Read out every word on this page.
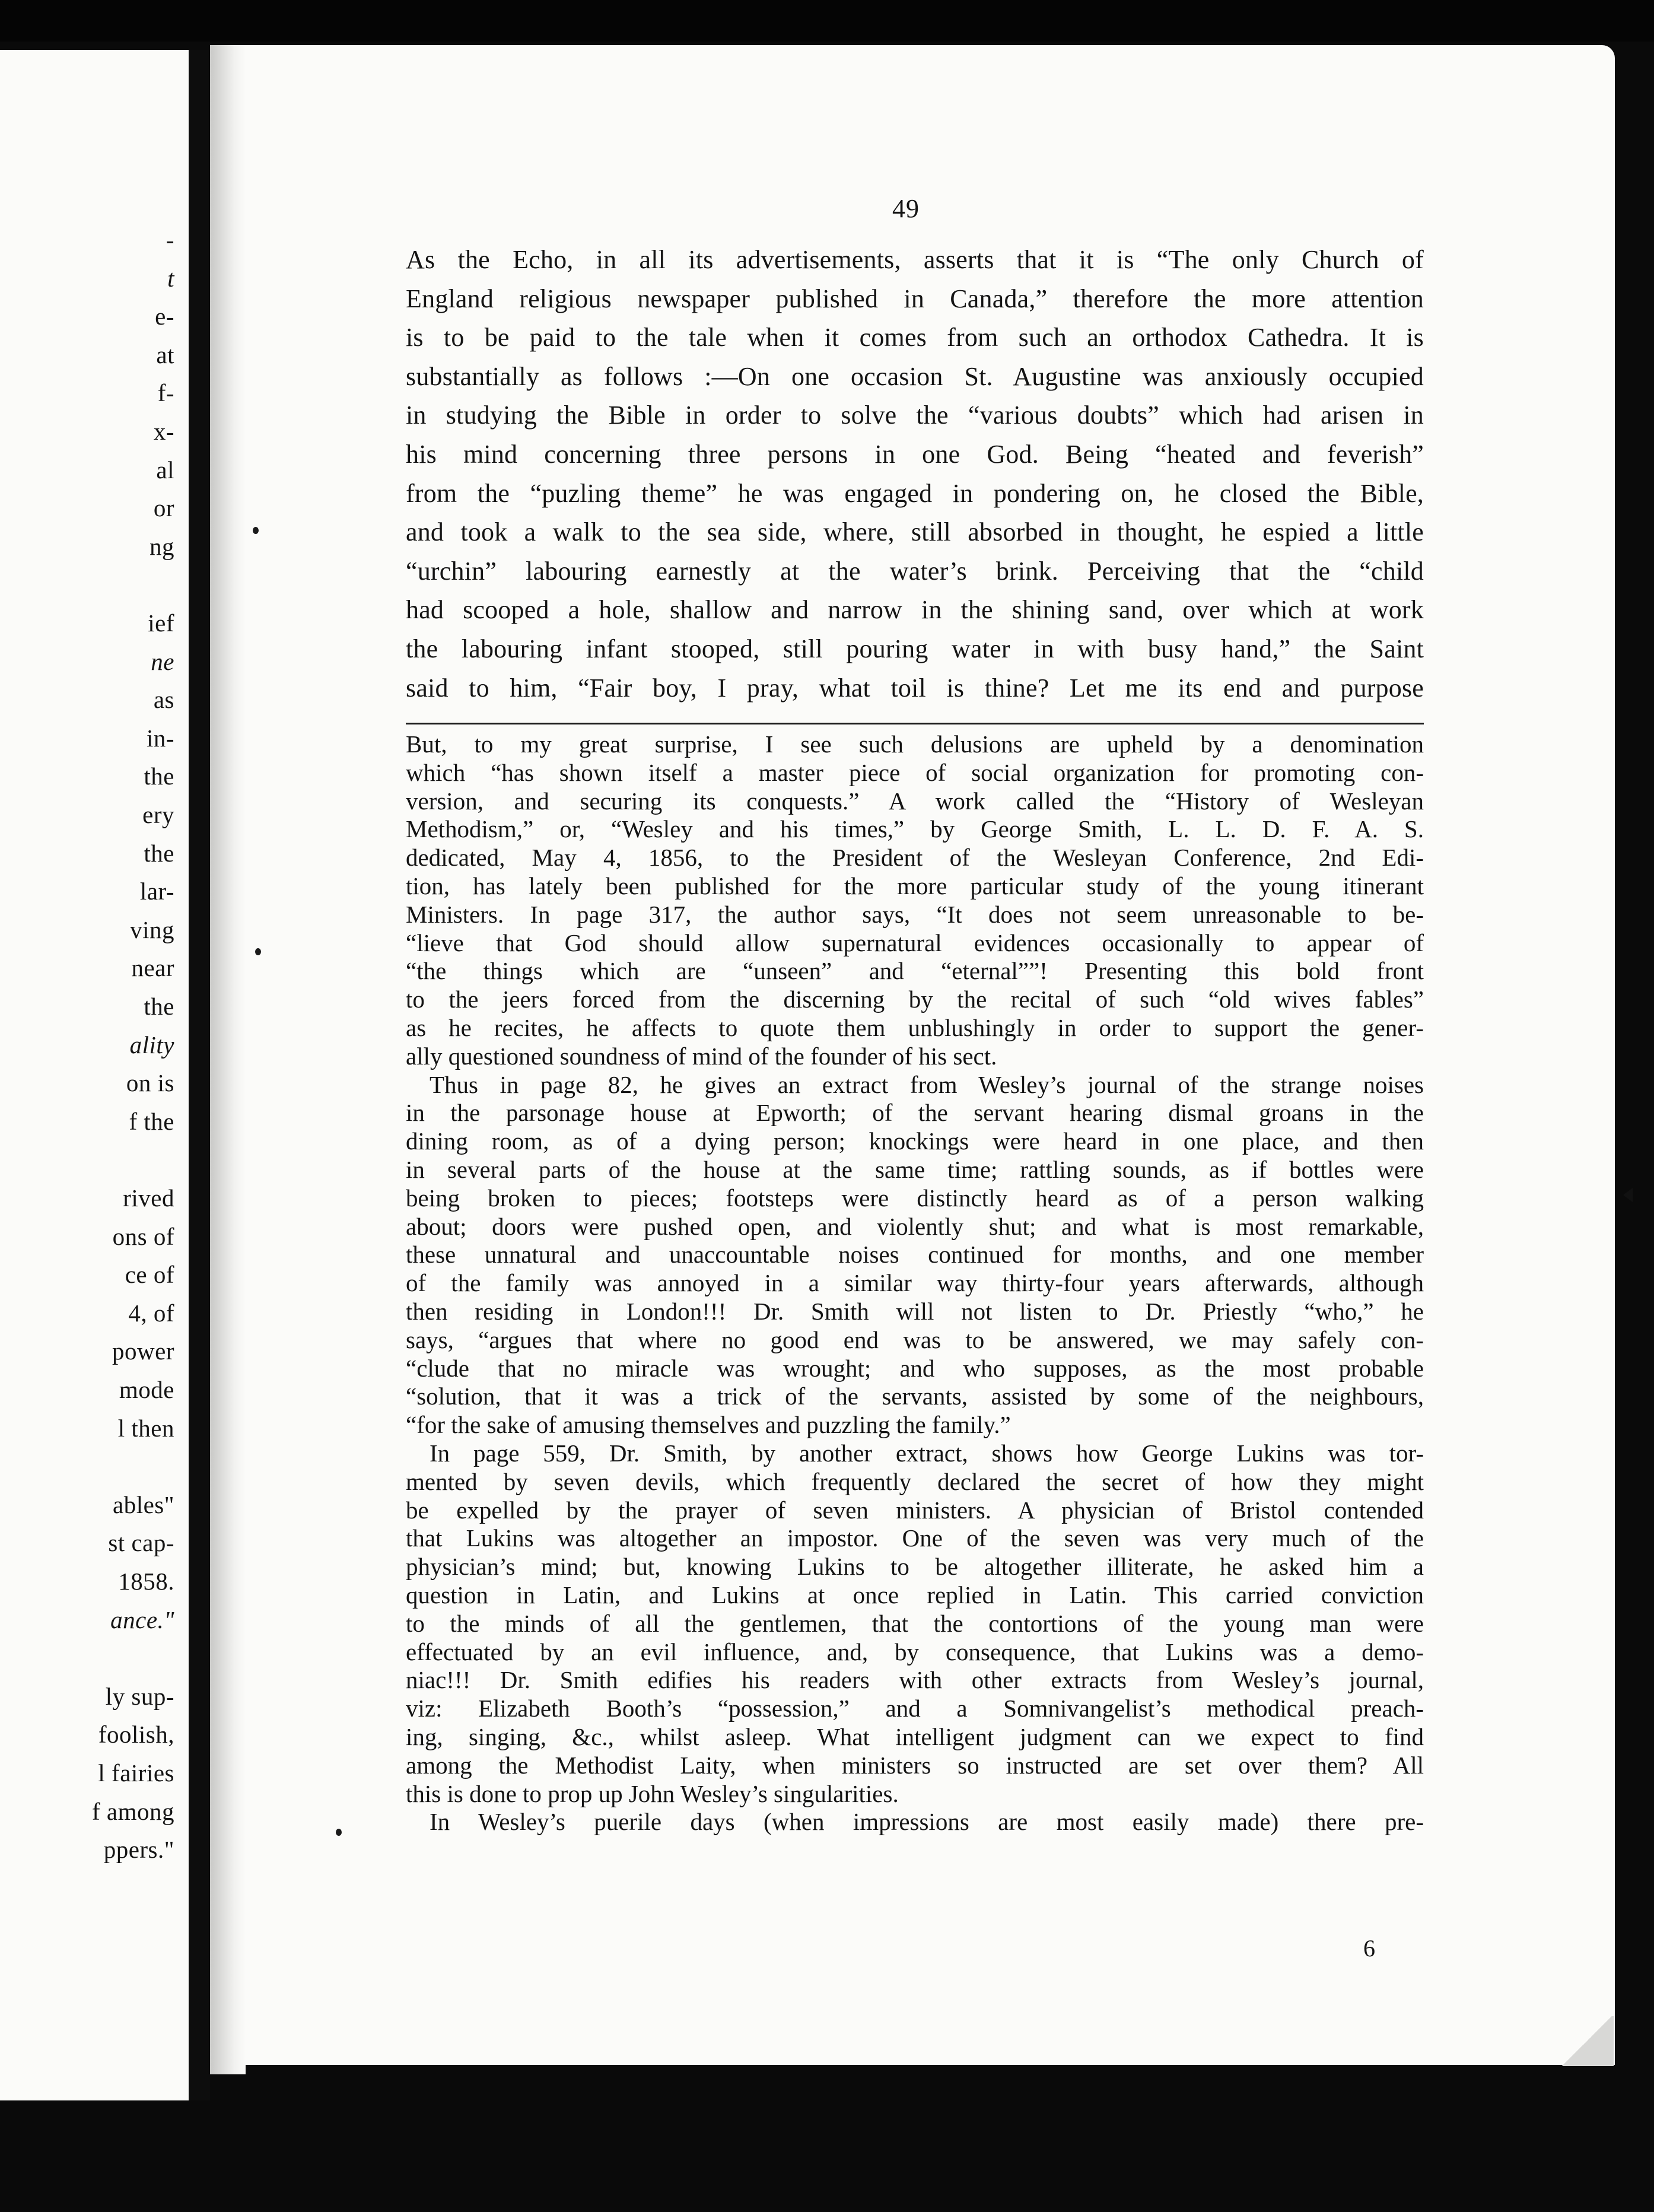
-
t
e-
at
f-
x-
al
or
ng
ief
ne
as
in-
the
ery
the
lar-
ving
near
the
ality
on is
f the
rived
ons of
ce of
4, of
power
mode
l then
ables"
st cap-
1858.
ance."
ly sup-
foolish,
l fairies
f among
ppers."
49
As the Echo, in all its advertisements, asserts that it is “The only Church of
England religious newspaper published in Canada,” therefore the more attention
is to be paid to the tale when it comes from such an orthodox Cathedra. It is
substantially as follows :—On one occasion St. Augustine was anxiously occupied
in studying the Bible in order to solve the “various doubts” which had arisen in
his mind concerning three persons in one God. Being “heated and feverish”
from the “puzling theme” he was engaged in pondering on, he closed the Bible,
and took a walk to the sea side, where, still absorbed in thought, he espied a little
“urchin” labouring earnestly at the water’s brink. Perceiving that the “child
had scooped a hole, shallow and narrow in the shining sand, over which at work
the labouring infant stooped, still pouring water in with busy hand,” the Saint
said to him, “Fair boy, I pray, what toil is thine? Let me its end and purpose
But, to my great surprise, I see such delusions are upheld by a denomination
which “has shown itself a master piece of social organization for promoting con-
version, and securing its conquests.” A work called the “History of Wesleyan
Methodism,” or, “Wesley and his times,” by George Smith, L. L. D. F. A. S.
dedicated, May 4, 1856, to the President of the Wesleyan Conference, 2nd Edi-
tion, has lately been published for the more particular study of the young itinerant
Ministers. In page 317, the author says, “It does not seem unreasonable to be-
“lieve that God should allow supernatural evidences occasionally to appear of
“the things which are “unseen” and “eternal””! Presenting this bold front
to the jeers forced from the discerning by the recital of such “old wives fables”
as he recites, he affects to quote them unblushingly in order to support the gener-
ally questioned soundness of mind of the founder of his sect.
Thus in page 82, he gives an extract from Wesley’s journal of the strange noises
in the parsonage house at Epworth; of the servant hearing dismal groans in the
dining room, as of a dying person; knockings were heard in one place, and then
in several parts of the house at the same time; rattling sounds, as if bottles were
being broken to pieces; footsteps were distinctly heard as of a person walking
about; doors were pushed open, and violently shut; and what is most remarkable,
these unnatural and unaccountable noises continued for months, and one member
of the family was annoyed in a similar way thirty-four years afterwards, although
then residing in London!!! Dr. Smith will not listen to Dr. Priestly “who,” he
says, “argues that where no good end was to be answered, we may safely con-
“clude that no miracle was wrought; and who supposes, as the most probable
“solution, that it was a trick of the servants, assisted by some of the neighbours,
“for the sake of amusing themselves and puzzling the family.”
In page 559, Dr. Smith, by another extract, shows how George Lukins was tor-
mented by seven devils, which frequently declared the secret of how they might
be expelled by the prayer of seven ministers. A physician of Bristol contended
that Lukins was altogether an impostor. One of the seven was very much of the
physician’s mind; but, knowing Lukins to be altogether illiterate, he asked him a
question in Latin, and Lukins at once replied in Latin. This carried conviction
to the minds of all the gentlemen, that the contortions of the young man were
effectuated by an evil influence, and, by consequence, that Lukins was a demo-
niac!!! Dr. Smith edifies his readers with other extracts from Wesley’s journal,
viz: Elizabeth Booth’s “possession,” and a Somnivangelist’s methodical preach-
ing, singing, &c., whilst asleep. What intelligent judgment can we expect to find
among the Methodist Laity, when ministers so instructed are set over them? All
this is done to prop up John Wesley’s singularities.
In Wesley’s puerile days (when impressions are most easily made) there pre-
6
